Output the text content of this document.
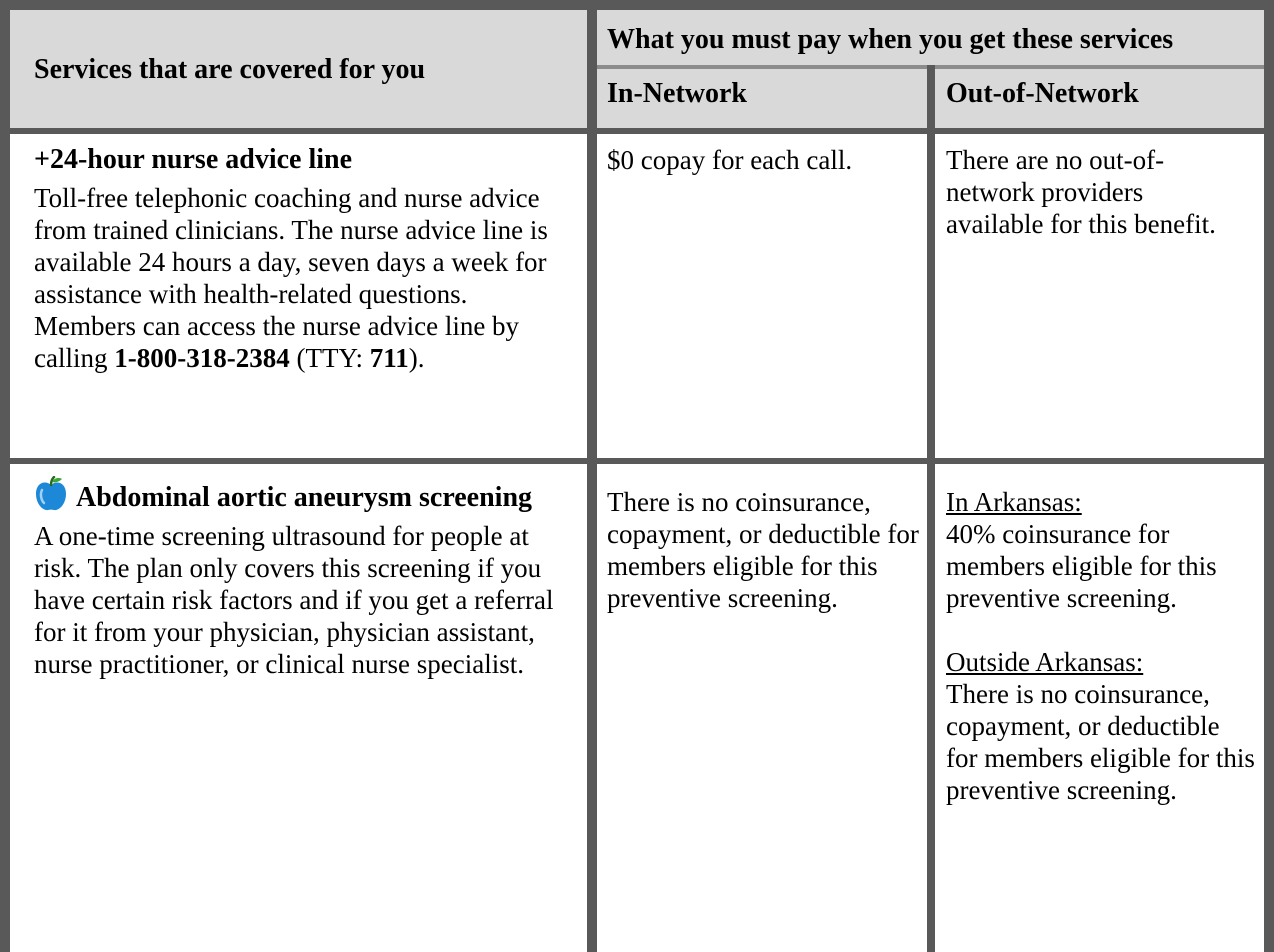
Services that are covered for you
What you must pay when you get these services
In-Network	Out-of-Network

+24-hour nurse advice line

Toll-free telephonic coaching and nurse advice from trained clinicians. The nurse advice line is available 24 hours a day, seven days a week for assistance with health-related questions. Members can access the nurse advice line by calling 1-800-318-2384 (TTY: 711).

$0 copay for each call.	There are no out-of-network providers available for this benefit.

Abdominal aortic aneurysm screening

A one-time screening ultrasound for people at risk. The plan only covers this screening if you have certain risk factors and if you get a referral for it from your physician, physician assistant, nurse practitioner, or clinical nurse specialist.

There is no coinsurance, copayment, or deductible for members eligible for this preventive screening.

In Arkansas:

40% coinsurance for members eligible for this preventive screening.

Outside Arkansas:

There is no coinsurance, copayment, or deductible for members eligible for this preventive screening.
